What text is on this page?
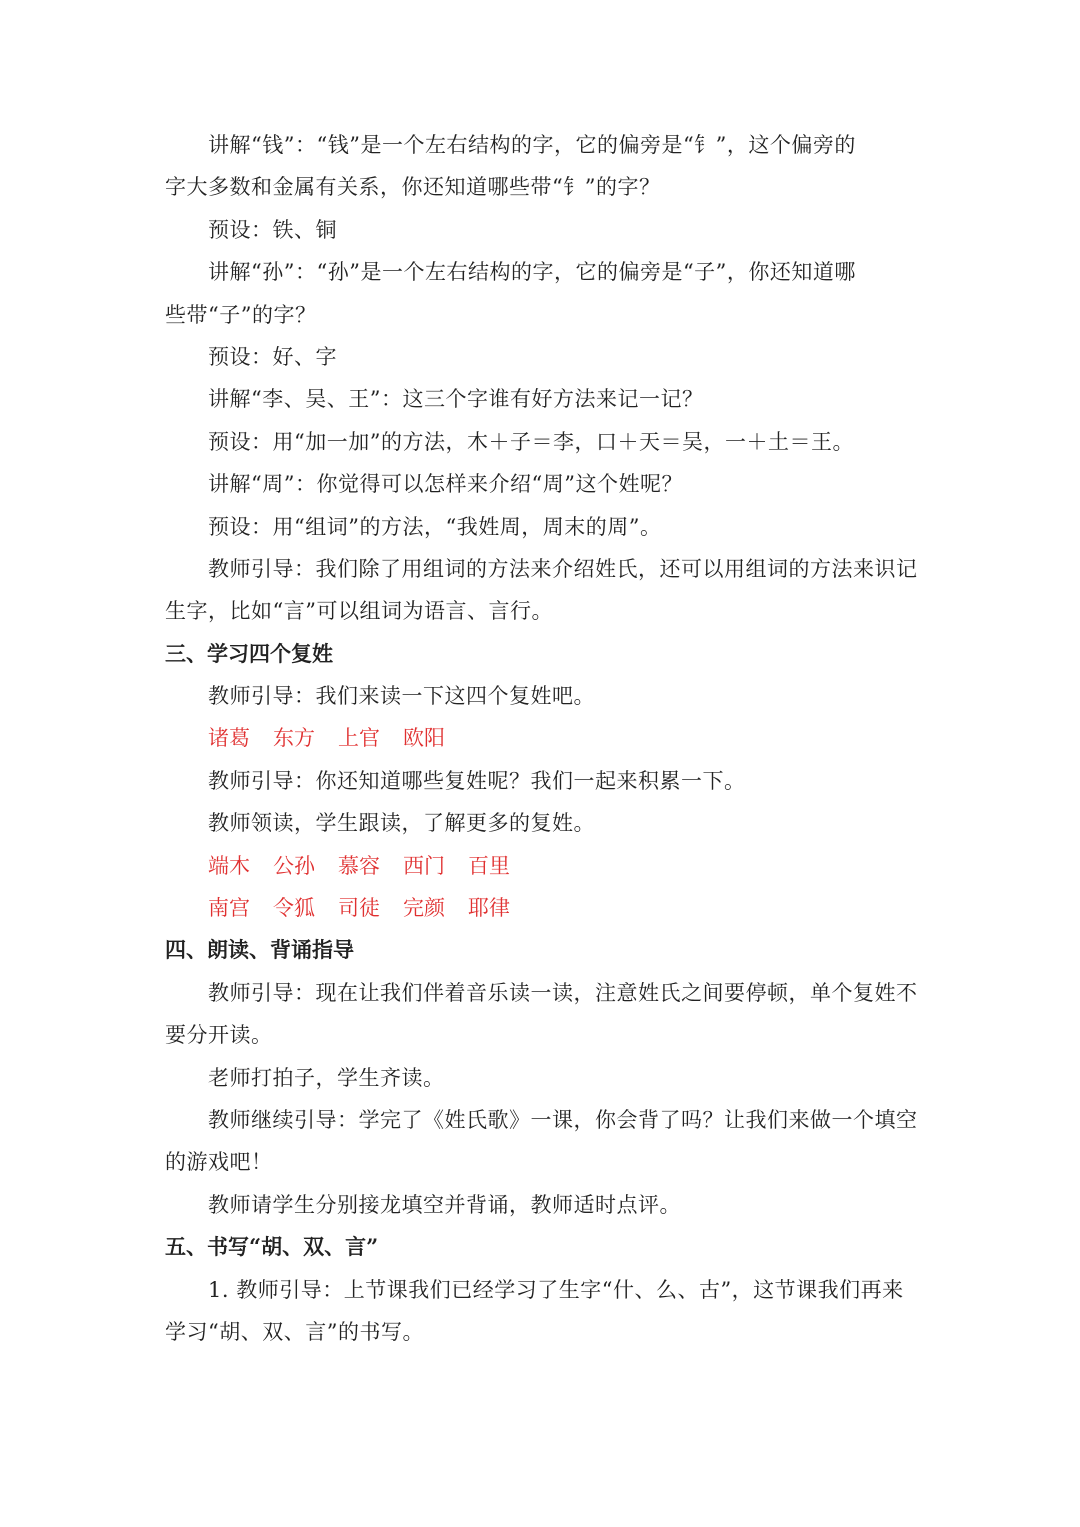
讲解“钱”：“钱”是一个左右结构的字，它的偏旁是“钅”，这个偏旁的
字大多数和金属有关系，你还知道哪些带“钅”的字？
预设：铁、铜
讲解“孙”：“孙”是一个左右结构的字，它的偏旁是“子”，你还知道哪
些带“子”的字？
预设：好、字
讲解“李、吴、王”：这三个字谁有好方法来记一记？
预设：用“加一加”的方法，木＋子＝李，口＋天＝吴，一＋土＝王。
讲解“周”：你觉得可以怎样来介绍“周”这个姓呢？
预设：用“组词”的方法，“我姓周，周末的周”。
教师引导：我们除了用组词的方法来介绍姓氏，还可以用组词的方法来识记
生字，比如“言”可以组词为语言、言行。
三、学习四个复姓
教师引导：我们来读一下这四个复姓吧。
诸葛 东方 上官 欧阳
教师引导：你还知道哪些复姓呢？我们一起来积累一下。
教师领读，学生跟读，了解更多的复姓。
端木 公孙 慕容 西门 百里
南宫 令狐 司徒 完颜 耶律
四、朗读、背诵指导
教师引导：现在让我们伴着音乐读一读，注意姓氏之间要停顿，单个复姓不
要分开读。
老师打拍子，学生齐读。
教师继续引导：学完了《姓氏歌》一课，你会背了吗？让我们来做一个填空
的游戏吧！
教师请学生分别接龙填空并背诵，教师适时点评。
五、书写“胡、双、言”
1. 教师引导：上节课我们已经学习了生字“什、么、古”，这节课我们再来
学习“胡、双、言”的书写。
